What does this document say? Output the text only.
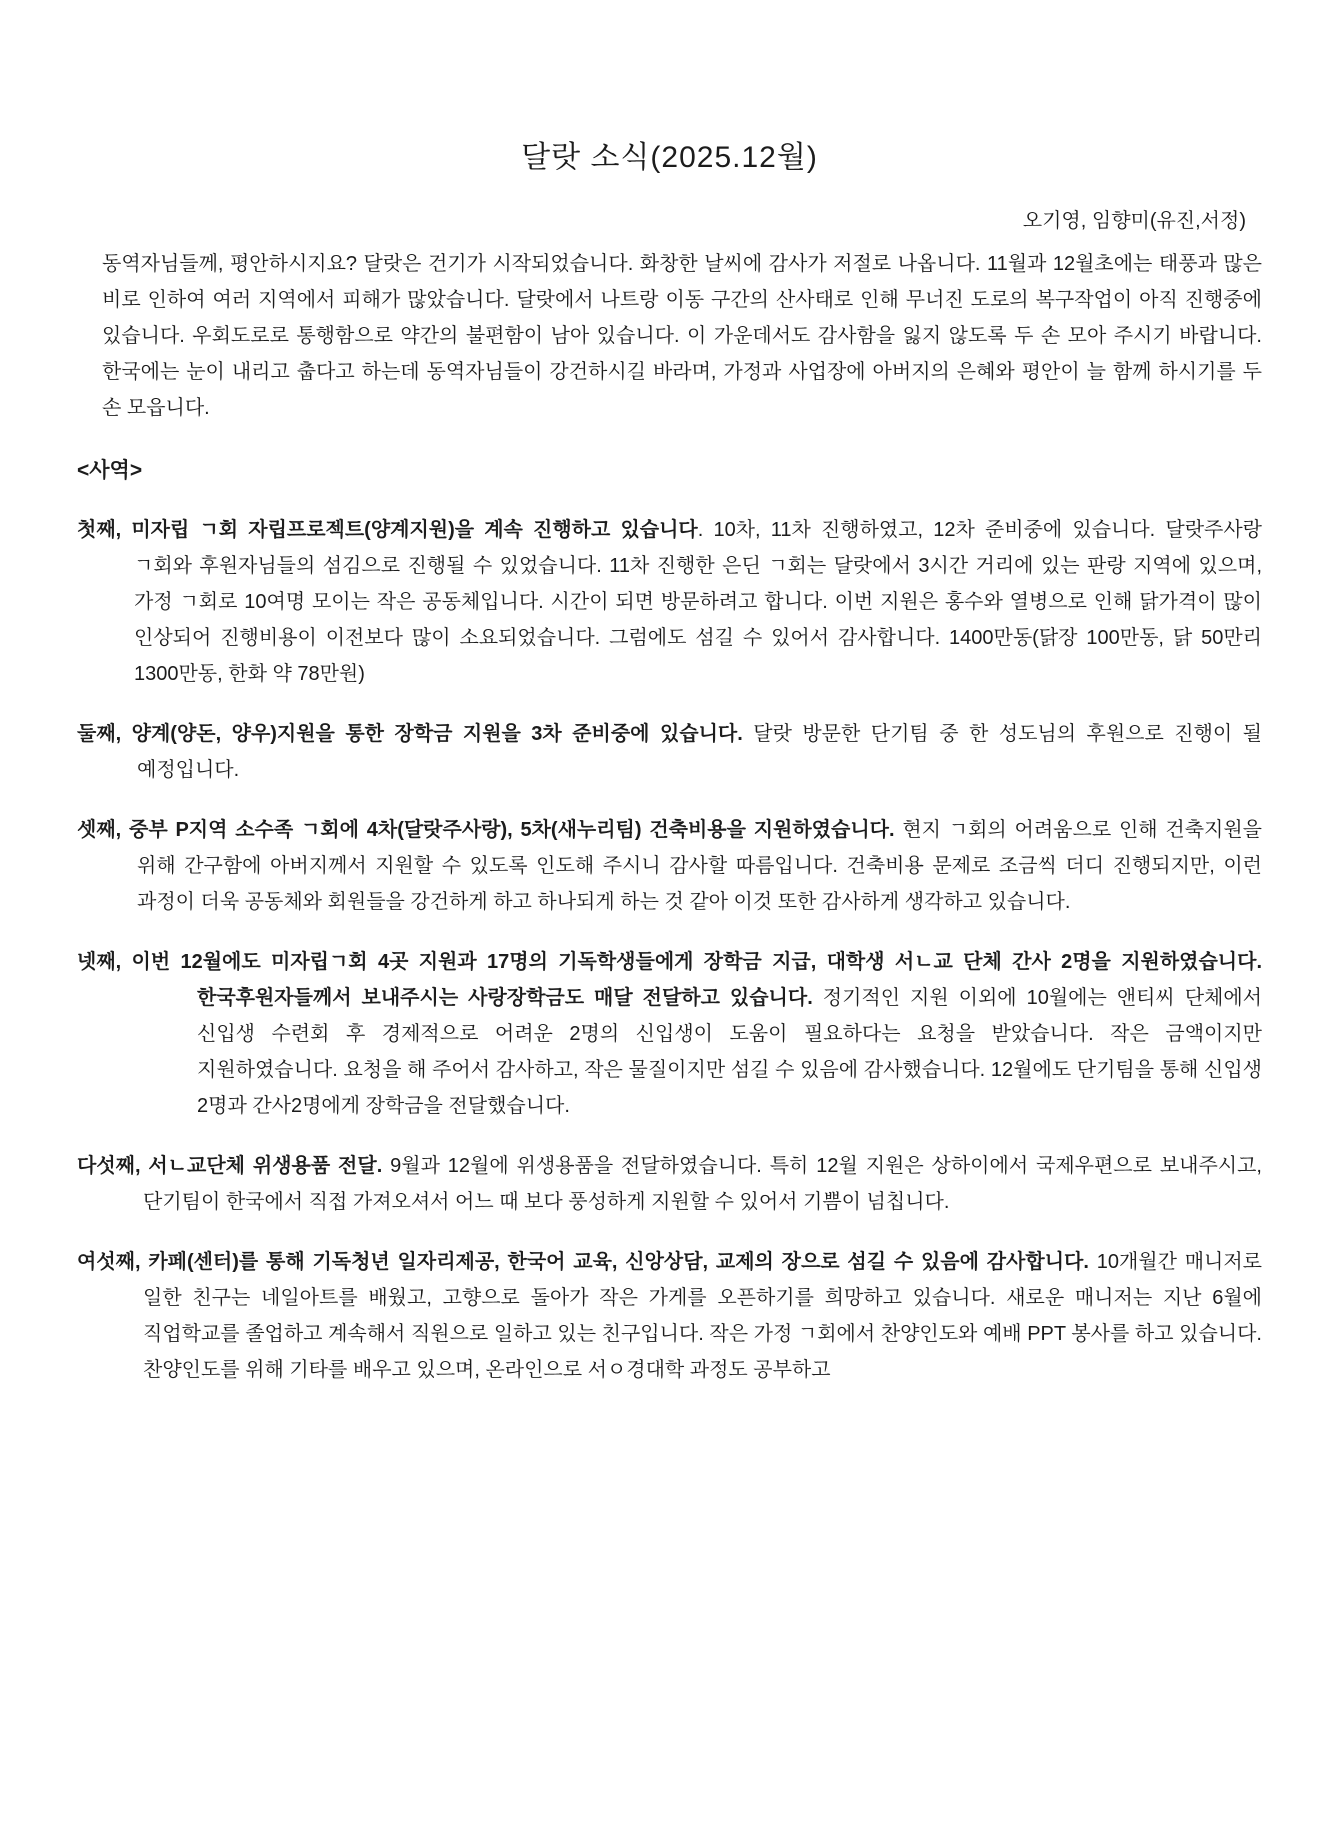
달랏 소식(2025.12월)
오기영, 임향미(유진,서정)

동역자님들께, 평안하시지요? 달랏은 건기가 시작되었습니다. 화창한 날씨에 감사가 저절로 나옵니다. 11월과 12월초에는 태풍과 많은 비로 인하여 여러 지역에서 피해가 많았습니다. 달랏에서 나트랑 이동 구간의 산사태로 인해 무너진 도로의 복구작업이 아직 진행중에 있습니다. 우회도로로 통행함으로 약간의 불편함이 남아 있습니다. 이 가운데서도 감사함을 잃지 않도록 두 손 모아 주시기 바랍니다. 한국에는 눈이 내리고 춥다고 하는데 동역자님들이 강건하시길 바라며, 가정과 사업장에 아버지의 은혜와 평안이 늘 함께 하시기를 두 손 모읍니다.

<사역>

첫째, 미자립 ㄱ회 자립프로젝트(양계지원)을 계속 진행하고 있습니다. 10차, 11차 진행하였고, 12차 준비중에 있습니다. 달랏주사랑 ㄱ회와 후원자님들의 섬김으로 진행될 수 있었습니다. 11차 진행한 은딘 ㄱ회는 달랏에서 3시간 거리에 있는 판랑 지역에 있으며, 가정 ㄱ회로 10여명 모이는 작은 공동체입니다. 시간이 되면 방문하려고 합니다. 이번 지원은 홍수와 열병으로 인해 닭가격이 많이 인상되어 진행비용이 이전보다 많이 소요되었습니다. 그럼에도 섬길 수 있어서 감사합니다. 1400만동(닭장 100만동, 닭 50만리 1300만동, 한화 약 78만원)

둘째, 양계(양돈, 양우)지원을 통한 장학금 지원을 3차 준비중에 있습니다. 달랏 방문한 단기팀 중 한 성도님의 후원으로 진행이 될 예정입니다.

셋째, 중부 P지역 소수족 ㄱ회에 4차(달랏주사랑), 5차(새누리팀) 건축비용을 지원하였습니다. 현지 ㄱ회의 어려움으로 인해 건축지원을 위해 간구함에 아버지께서 지원할 수 있도록 인도해 주시니 감사할 따름입니다. 건축비용 문제로 조금씩 더디 진행되지만, 이런 과정이 더욱 공동체와 회원들을 강건하게 하고 하나되게 하는 것 같아 이것 또한 감사하게 생각하고 있습니다.

넷째, 이번 12월에도 미자립ㄱ회 4곳 지원과 17명의 기독학생들에게 장학금 지급, 대학생 서ㄴ교 단체 간사 2명을 지원하였습니다. 한국후원자들께서 보내주시는 사랑장학금도 매달 전달하고 있습니다. 정기적인 지원 이외에 10월에는 앤티씨 단체에서 신입생 수련회 후 경제적으로 어려운 2명의 신입생이 도움이 필요하다는 요청을 받았습니다. 작은 금액이지만 지원하였습니다. 요청을 해 주어서 감사하고, 작은 물질이지만 섬길 수 있음에 감사했습니다. 12월에도 단기팀을 통해 신입생 2명과 간사2명에게 장학금을 전달했습니다.

다섯째, 서ㄴ교단체 위생용품 전달. 9월과 12월에 위생용품을 전달하였습니다. 특히 12월 지원은 상하이에서 국제우편으로 보내주시고, 단기팀이 한국에서 직접 가져오셔서 어느 때 보다 풍성하게 지원할 수 있어서 기쁨이 넘칩니다.

여섯째, 카페(센터)를 통해 기독청년 일자리제공, 한국어 교육, 신앙상담, 교제의 장으로 섬길 수 있음에 감사합니다. 10개월간 매니저로 일한 친구는 네일아트를 배웠고, 고향으로 돌아가 작은 가게를 오픈하기를 희망하고 있습니다. 새로운 매니저는 지난 6월에 직업학교를 졸업하고 계속해서 직원으로 일하고 있는 친구입니다. 작은 가정 ㄱ회에서 찬양인도와 예배 PPT 봉사를 하고 있습니다. 찬양인도를 위해 기타를 배우고 있으며, 온라인으로 서ㅇ경대학 과정도 공부하고
